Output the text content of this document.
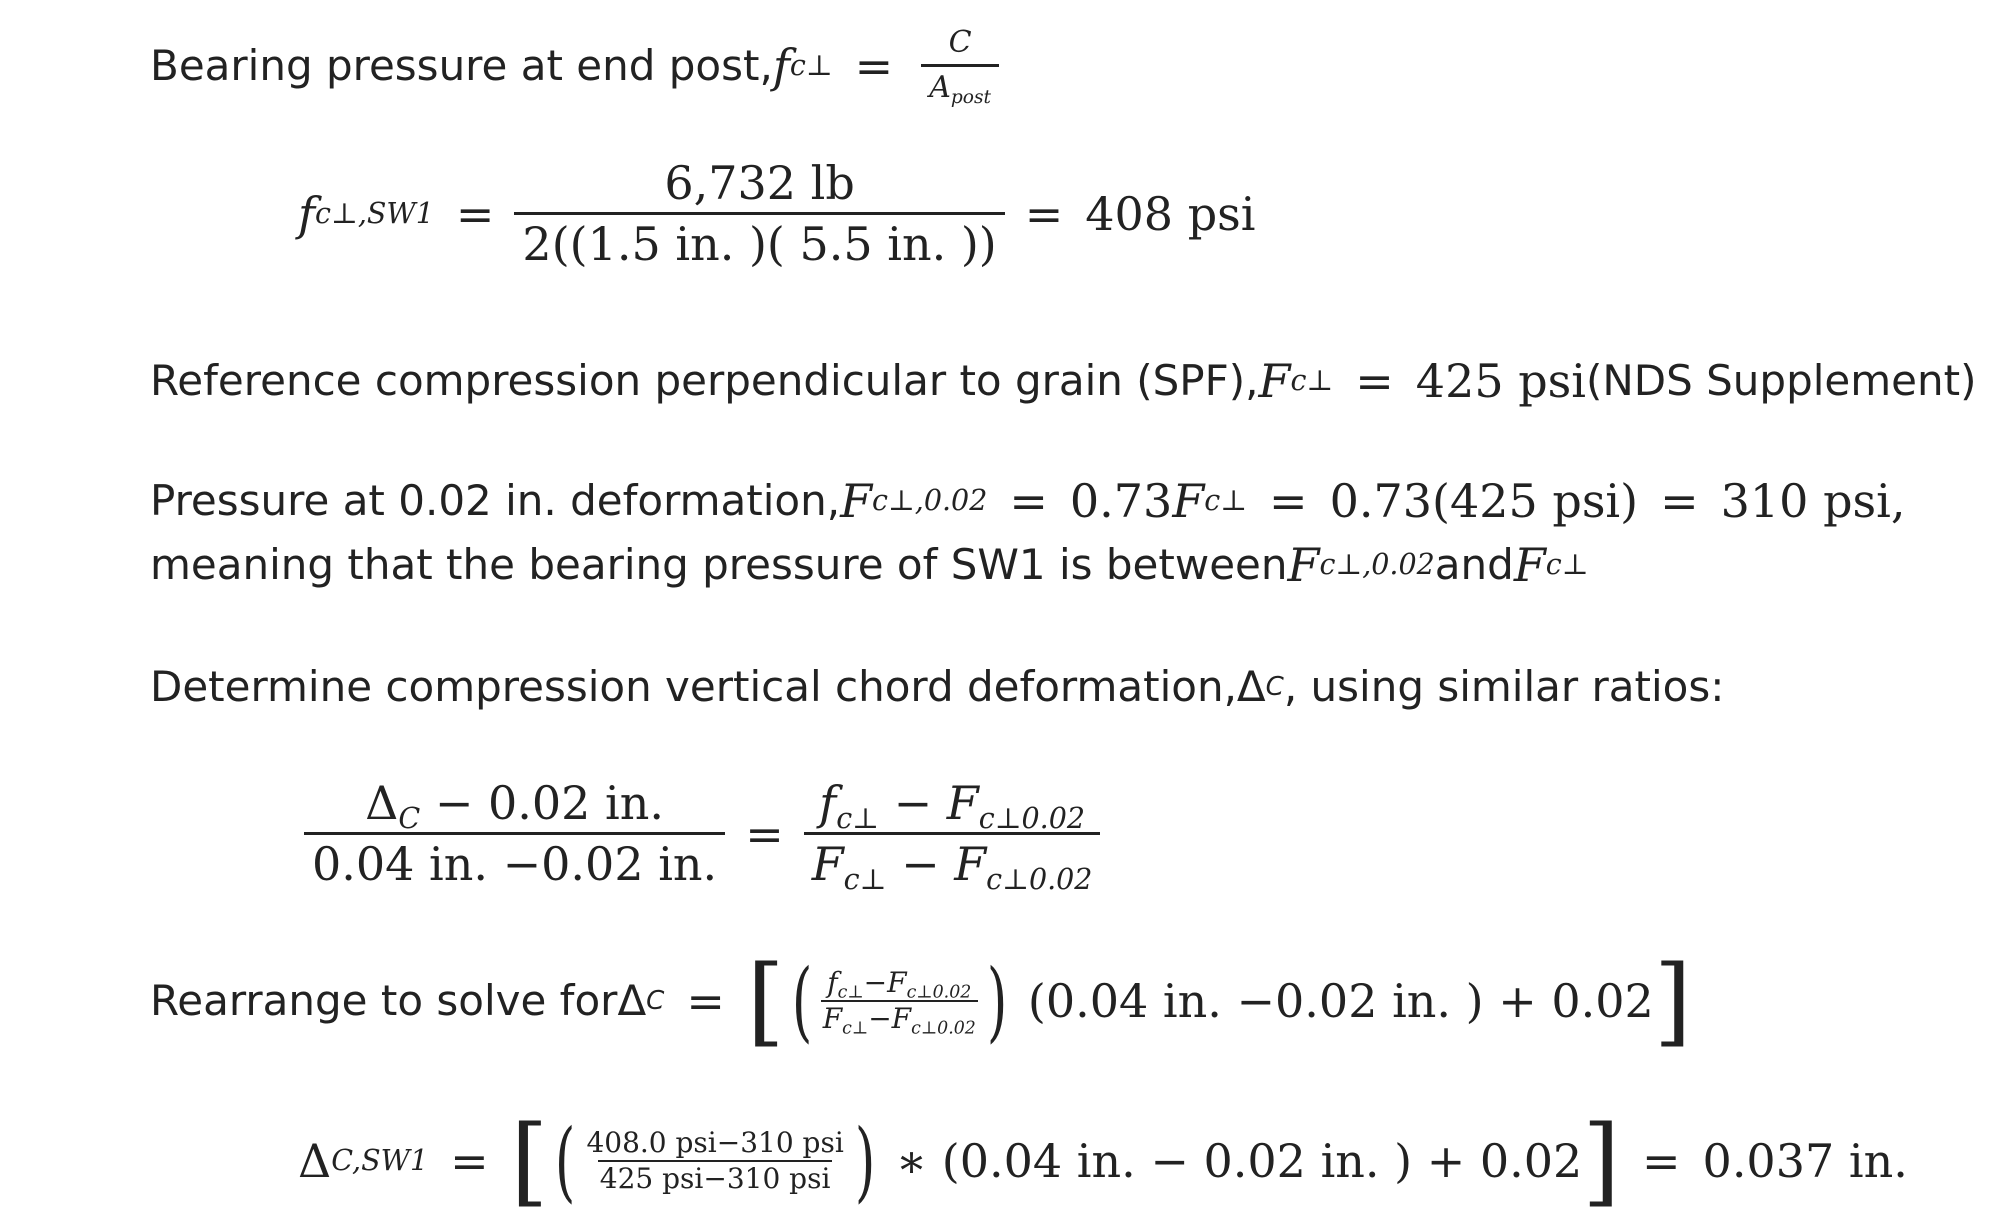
Bearing pressure at end post, f c⊥ = $\frac{C}{A_{post}}$
f c⊥,SW1 = $\frac{6,732 lb}{2((1.5 in. )( 5.5 in. ))} = 408$ psi
Reference compression perpendicular to grain (SPF), F c⊥ = 425 psi (NDS Supplement)
Pressure at 0.02 in. deformation, F c⊥,0.02 = 0.73 F c⊥ = 0.73(425 psi) = 310 psi,
meaning that the bearing pressure of SW1 is between F c⊥,0.02 and F c⊥
Determine compression vertical chord deformation, Δ C , using similar ratios:
$\frac{\Delta_C - 0.02 in.}{0.04 in. -0.02 in.} = \frac{f_{c\perp} - F_{c\perp 0.02}}{F_{c\perp} - F_{c\perp 0.02}}$
Rearrange to solve for Δ C = [ ( $\frac{f_{c\perp}-F_{c\perp 0.02}}{F_{c\perp}-F_{c\perp 0.02}}$ ) (0.04 in. −0.02 in. ) + 0.02 ]
Δ C,SW1 = [ ( $\frac{\text{408.0 psi−310 psi}}{\text{425 psi−310 psi}}$ ) ∗ (0.04 in. − 0.02 in. ) + 0.02 ] = 0.037 in.
